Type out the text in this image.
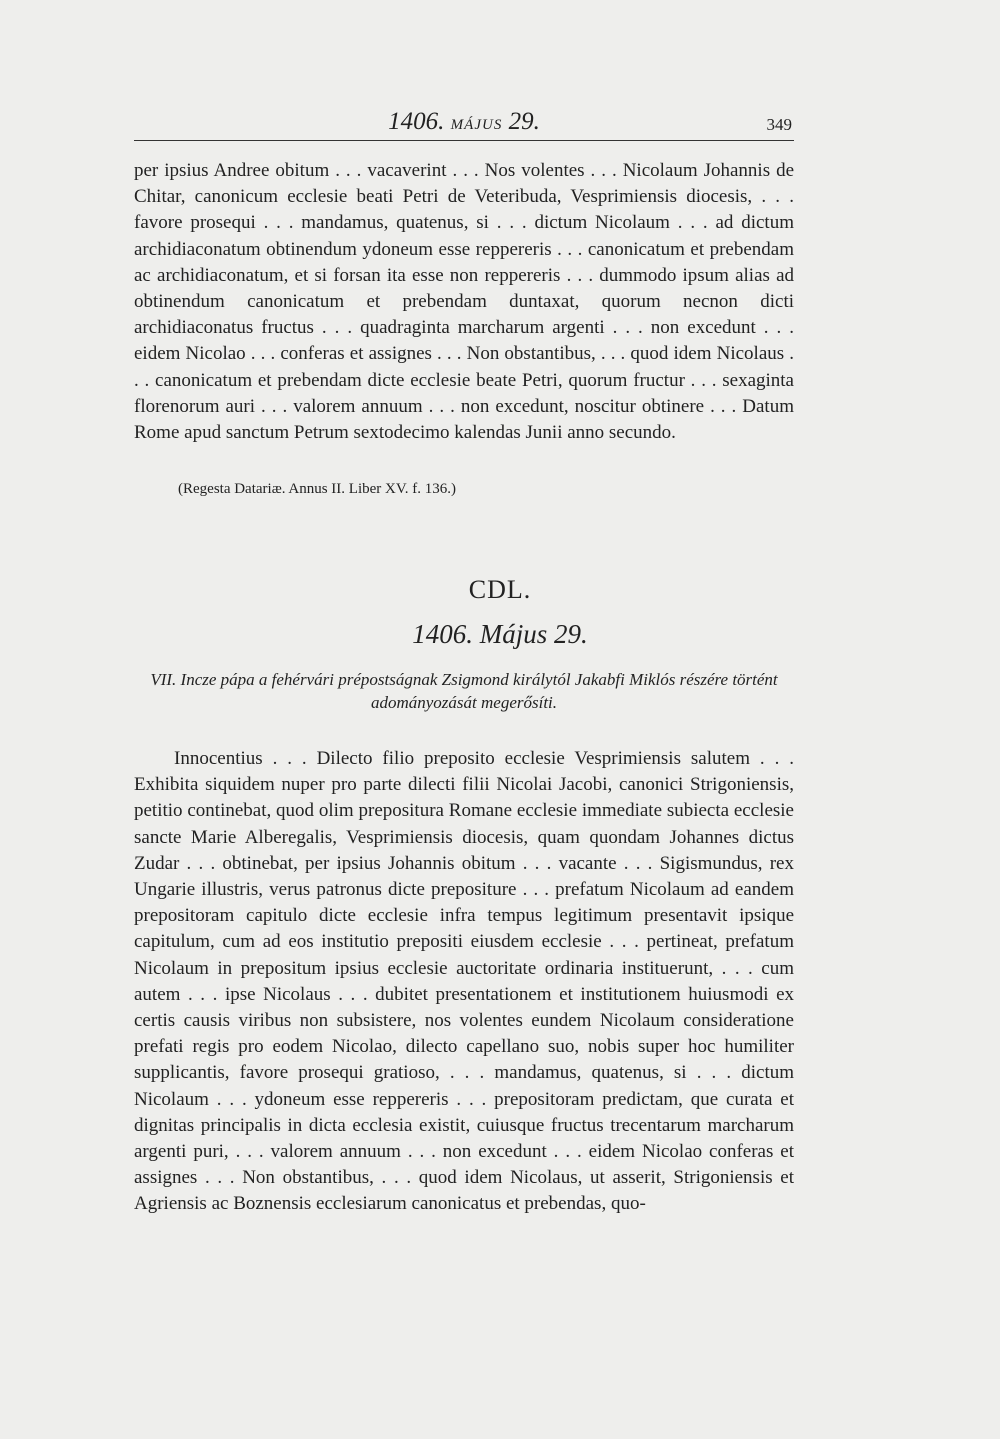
1406. MÁJUS 29.	349

per ipsius Andree obitum . . . vacaverint . . . Nos volentes . . . Nicolaum Johannis de Chitar, canonicum ecclesie beati Petri de Veteribuda, Vesprimiensis diocesis, . . . favore prosequi . . . mandamus, quatenus, si . . . dictum Nicolaum . . . ad dictum archidiaconatum obtinendum ydoneum esse reppereris . . . canonicatum et prebendam ac archidiaconatum, et si forsan ita esse non reppereris . . . dummodo ipsum alias ad obtinendum canonicatum et prebendam duntaxat, quorum necnon dicti archidiaconatus fructus . . . quadraginta marcharum argenti . . . non excedunt . . . eidem Nicolao . . . conferas et assignes . . . Non obstantibus, . . . quod idem Nicolaus . . . canonicatum et prebendam dicte ecclesie beate Petri, quorum fructur . . . sexaginta florenorum auri . . . valorem annuum . . . non excedunt, noscitur obtinere . . . Datum Rome apud sanctum Petrum sextodecimo kalendas Junii anno secundo.

(Regesta Datariæ. Annus II. Liber XV. f. 136.)
CDL.
1406. Május 29.
VII. Incze pápa a fehérvári prépostságnak Zsigmond királytól Jakabfi Miklós részére történt adományozását megerősíti.

Innocentius . . . Dilecto filio preposito ecclesie Vesprimiensis salutem . . . Exhibita siquidem nuper pro parte dilecti filii Nicolai Jacobi, canonici Strigoniensis, petitio continebat, quod olim prepositura Romane ecclesie immediate subiecta ecclesie sancte Marie Alberegalis, Vesprimiensis diocesis, quam quondam Johannes dictus Zudar . . . obtinebat, per ipsius Johannis obitum . . . vacante . . . Sigismundus, rex Ungarie illustris, verus patronus dicte prepositure . . . prefatum Nicolaum ad eandem prepositoram capitulo dicte ecclesie infra tempus legitimum presentavit ipsique capitulum, cum ad eos institutio prepositi eiusdem ecclesie . . . pertineat, prefatum Nicolaum in prepositum ipsius ecclesie auctoritate ordinaria instituerunt, . . . cum autem . . . ipse Nicolaus . . . dubitet presentationem et institutionem huiusmodi ex certis causis viribus non subsistere, nos volentes eundem Nicolaum consideratione prefati regis pro eodem Nicolao, dilecto capellano suo, nobis super hoc humiliter supplicantis, favore prosequi gratioso, . . . mandamus, quatenus, si . . . dictum Nicolaum . . . ydoneum esse reppereris . . . prepositoram predictam, que curata et dignitas principalis in dicta ecclesia existit, cuiusque fructus trecentarum marcharum argenti puri, . . . valorem annuum . . . non excedunt . . . eidem Nicolao conferas et assignes . . . Non obstantibus, . . . quod idem Nicolaus, ut asserit, Strigoniensis et Agriensis ac Boznensis ecclesiarum canonicatus et prebendas, quo-
